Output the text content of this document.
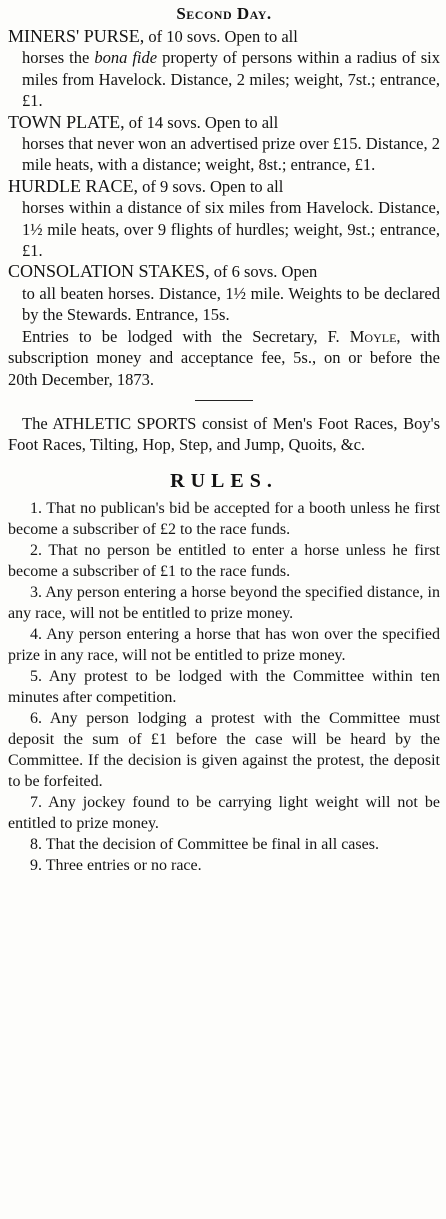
Second Day.

MINERS' PURSE, of 10 sovs. Open to all
horses the bona fide property of persons within a radius of six miles from Havelock. Distance, 2 miles; weight, 7st.; entrance, £1.

TOWN PLATE, of 14 sovs. Open to all
horses that never won an advertised prize over £15. Distance, 2 mile heats, with a distance; weight, 8st.; entrance, £1.

HURDLE RACE, of 9 sovs. Open to all
horses within a distance of six miles from Havelock. Distance, 1½ mile heats, over 9 flights of hurdles; weight, 9st.; entrance, £1.

CONSOLATION STAKES, of 6 sovs. Open
to all beaten horses. Distance, 1½ mile. Weights to be declared by the Stewards. Entrance, 15s.

Entries to be lodged with the Secretary, F. Moyle, with subscription money and acceptance fee, 5s., on or before the 20th December, 1873.

The ATHLETIC SPORTS consist of Men's Foot Races, Boy's Foot Races, Tilting, Hop, Step, and Jump, Quoits, &c.

RULES.

1. That no publican's bid be accepted for a booth unless he first become a subscriber of £2 to the race funds.

2. That no person be entitled to enter a horse unless he first become a subscriber of £1 to the race funds.

3. Any person entering a horse beyond the specified distance, in any race, will not be entitled to prize money.

4. Any person entering a horse that has won over the specified prize in any race, will not be entitled to prize money.

5. Any protest to be lodged with the Committee within ten minutes after competition.

6. Any person lodging a protest with the Committee must deposit the sum of £1 before the case will be heard by the Committee. If the decision is given against the protest, the deposit to be forfeited.

7. Any jockey found to be carrying light weight will not be entitled to prize money.

8. That the decision of Committee be final in all cases.

9. Three entries or no race.
